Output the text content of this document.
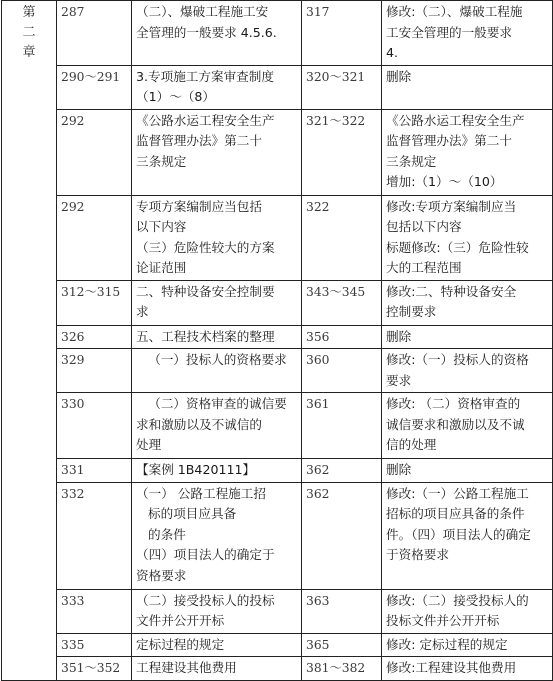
第
二
章	287	（二）、爆破工程施工安
全管理的一般要求 4.5.6.	317	修改:（二）、爆破工程施
工安全管理的一般要求
4.

	290～291	3.专项施工方案审查制度
（1）～（8）	320～321	删除

	292	《公路水运工程安全生产
监督管理办法》第二十
三条规定	321～322	《公路水运工程安全生产
监督管理办法》第二十
三条规定
增加:（1）～（10）

	292	专项方案编制应当包括
以下内容
（三）危险性较大的方案
论证范围	322	修改:专项方案编制应当
包括以下内容
标题修改:（三）危险性较
大的工程范围

	312～315	二、特种设备安全控制要
求	343～345	修改:二、特种设备安全
控制要求

	326	五、工程技术档案的整理	356	删除

	329	（一）投标人的资格要求	360	修改:（一）投标人的资格
要求

	330	（二）资格审查的诚信要
求和激励以及不诚信的
处理	361	修改: （二）资格审查的
诚信要求和激励以及不诚
信的处理

	331	【案例 1B420111】	362	删除

	332	（一） 公路工程施工招
标的项目应具备
的条件
（四）项目法人的确定于
资格要求	362	修改:（一）公路工程施工
招标的项目应具备的条件
件。（四）项目法人的确定
于资格要求

	333	（二）接受投标人的投标
文件并公开开标	363	修改:（二）接受投标人的
投标文件并公开开标

	335	定标过程的规定	365	修改: 定标过程的规定

	351～352	工程建设其他费用	381～382	修改:工程建设其他费用
